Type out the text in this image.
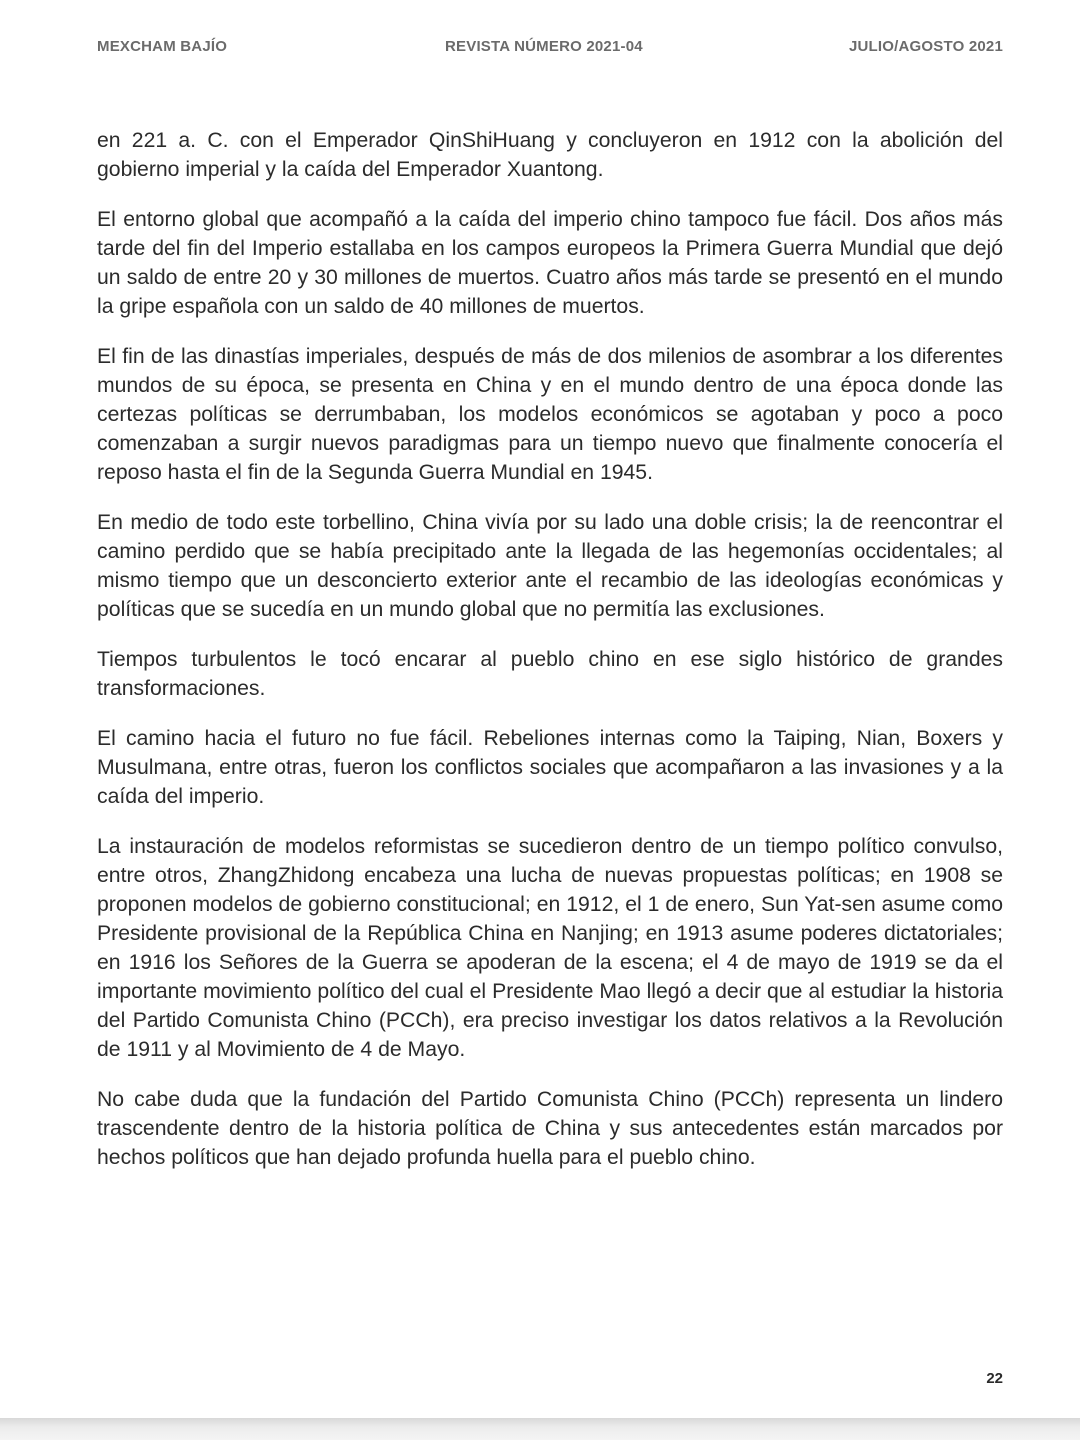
MEXCHAM BAJÍO	REVISTA NÚMERO 2021-04	JULIO/AGOSTO 2021

en 221 a. C. con el Emperador QinShiHuang y concluyeron en 1912 con la abolición del gobierno imperial y la caída del Emperador Xuantong.

El entorno global que acompañó a la caída del imperio chino tampoco fue fácil. Dos años más tarde del fin del Imperio estallaba en los campos europeos la Primera Guerra Mundial que dejó un saldo de entre 20 y 30 millones de muertos. Cuatro años más tarde se presentó en el mundo la gripe española con un saldo de 40 millones de muertos.

El fin de las dinastías imperiales, después de más de dos milenios de asombrar a los diferentes mundos de su época, se presenta en China y en el mundo dentro de una época donde las certezas políticas se derrumbaban, los modelos económicos se agotaban y poco a poco comenzaban a surgir nuevos paradigmas para un tiempo nuevo que finalmente conocería el reposo hasta el fin de la Segunda Guerra Mundial en 1945.

En medio de todo este torbellino, China vivía por su lado una doble crisis; la de reencontrar el camino perdido que se había precipitado ante la llegada de las hegemonías occidentales; al mismo tiempo que un desconcierto exterior ante el recambio de las ideologías económicas y políticas que se sucedía en un mundo global que no permitía las exclusiones.

Tiempos turbulentos le tocó encarar al pueblo chino en ese siglo histórico de grandes transformaciones.

El camino hacia el futuro no fue fácil. Rebeliones internas como la Taiping, Nian, Boxers y Musulmana, entre otras, fueron los conflictos sociales que acompañaron a las invasiones y a la caída del imperio.

La instauración de modelos reformistas se sucedieron dentro de un tiempo político convulso, entre otros, ZhangZhidong encabeza una lucha de nuevas propuestas políticas; en 1908 se proponen modelos de gobierno constitucional; en 1912, el 1 de enero, Sun Yat-sen asume como Presidente provisional de la República China en Nanjing; en 1913 asume poderes dictatoriales; en 1916 los Señores de la Guerra se apoderan de la escena; el 4 de mayo de 1919 se da el importante movimiento político del cual el Presidente Mao llegó a decir que al estudiar la historia del Partido Comunista Chino (PCCh), era preciso investigar los datos relativos a la Revolución de 1911 y al Movimiento de 4 de Mayo.

No cabe duda que la fundación del Partido Comunista Chino (PCCh) representa un lindero trascendente dentro de la historia política de China y sus antecedentes están marcados por hechos políticos que han dejado profunda huella para el pueblo chino.

22
